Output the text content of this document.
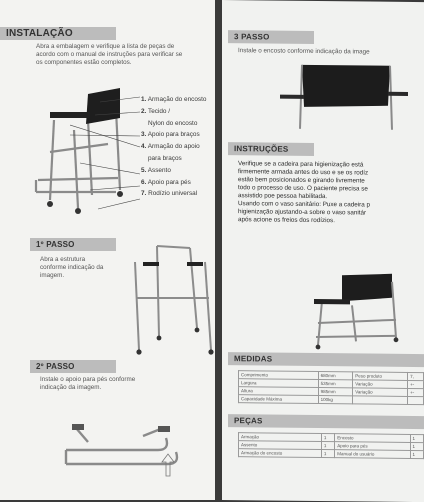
INSTALAÇÃO
Abra a embalagem e verifique a lista de peças de
acordo com o manual de instruções para verificar se
os componentes estão completos.
1. Armação do encosto
2. Tecido /
Nylon do encosto
3. Apoio para braços
4. Armação do apoio
para braços
5. Assento
6. Apoio para pés
7. Rodízio universal
1º PASSO
Abra a estrutura
conforme indicação da
imagem.
2º PASSO
Instale o apoio para pés conforme
indicação da imagem.
3 PASSO
Instale o encosto conforme indicação da image
INSTRUÇÕES
Verifique se a cadeira para higienização está
firmemente armada antes do uso e se os rodíz
estão bem posicionados e girando livremente
todo o processo de uso. O paciente precisa se
assistido poe pessoa habilitada.
Usando com o vaso sanitário: Puxe a cadeira p
higienização ajustando-a sobre o vaso sanitár
após acione os freios dos rodízios.
MEDIDAS
Comprimento	680mm	Peso produto	7,
Largura	535mm	Variação	+-
Altura	985mm	Variação	+-
Capacidade Máxima	100kg		
PEÇAS
Armação	1	Encosto	1
Assento	1	Apoio para pés	1
Armação do encosto	1	Manual do usuário	1
